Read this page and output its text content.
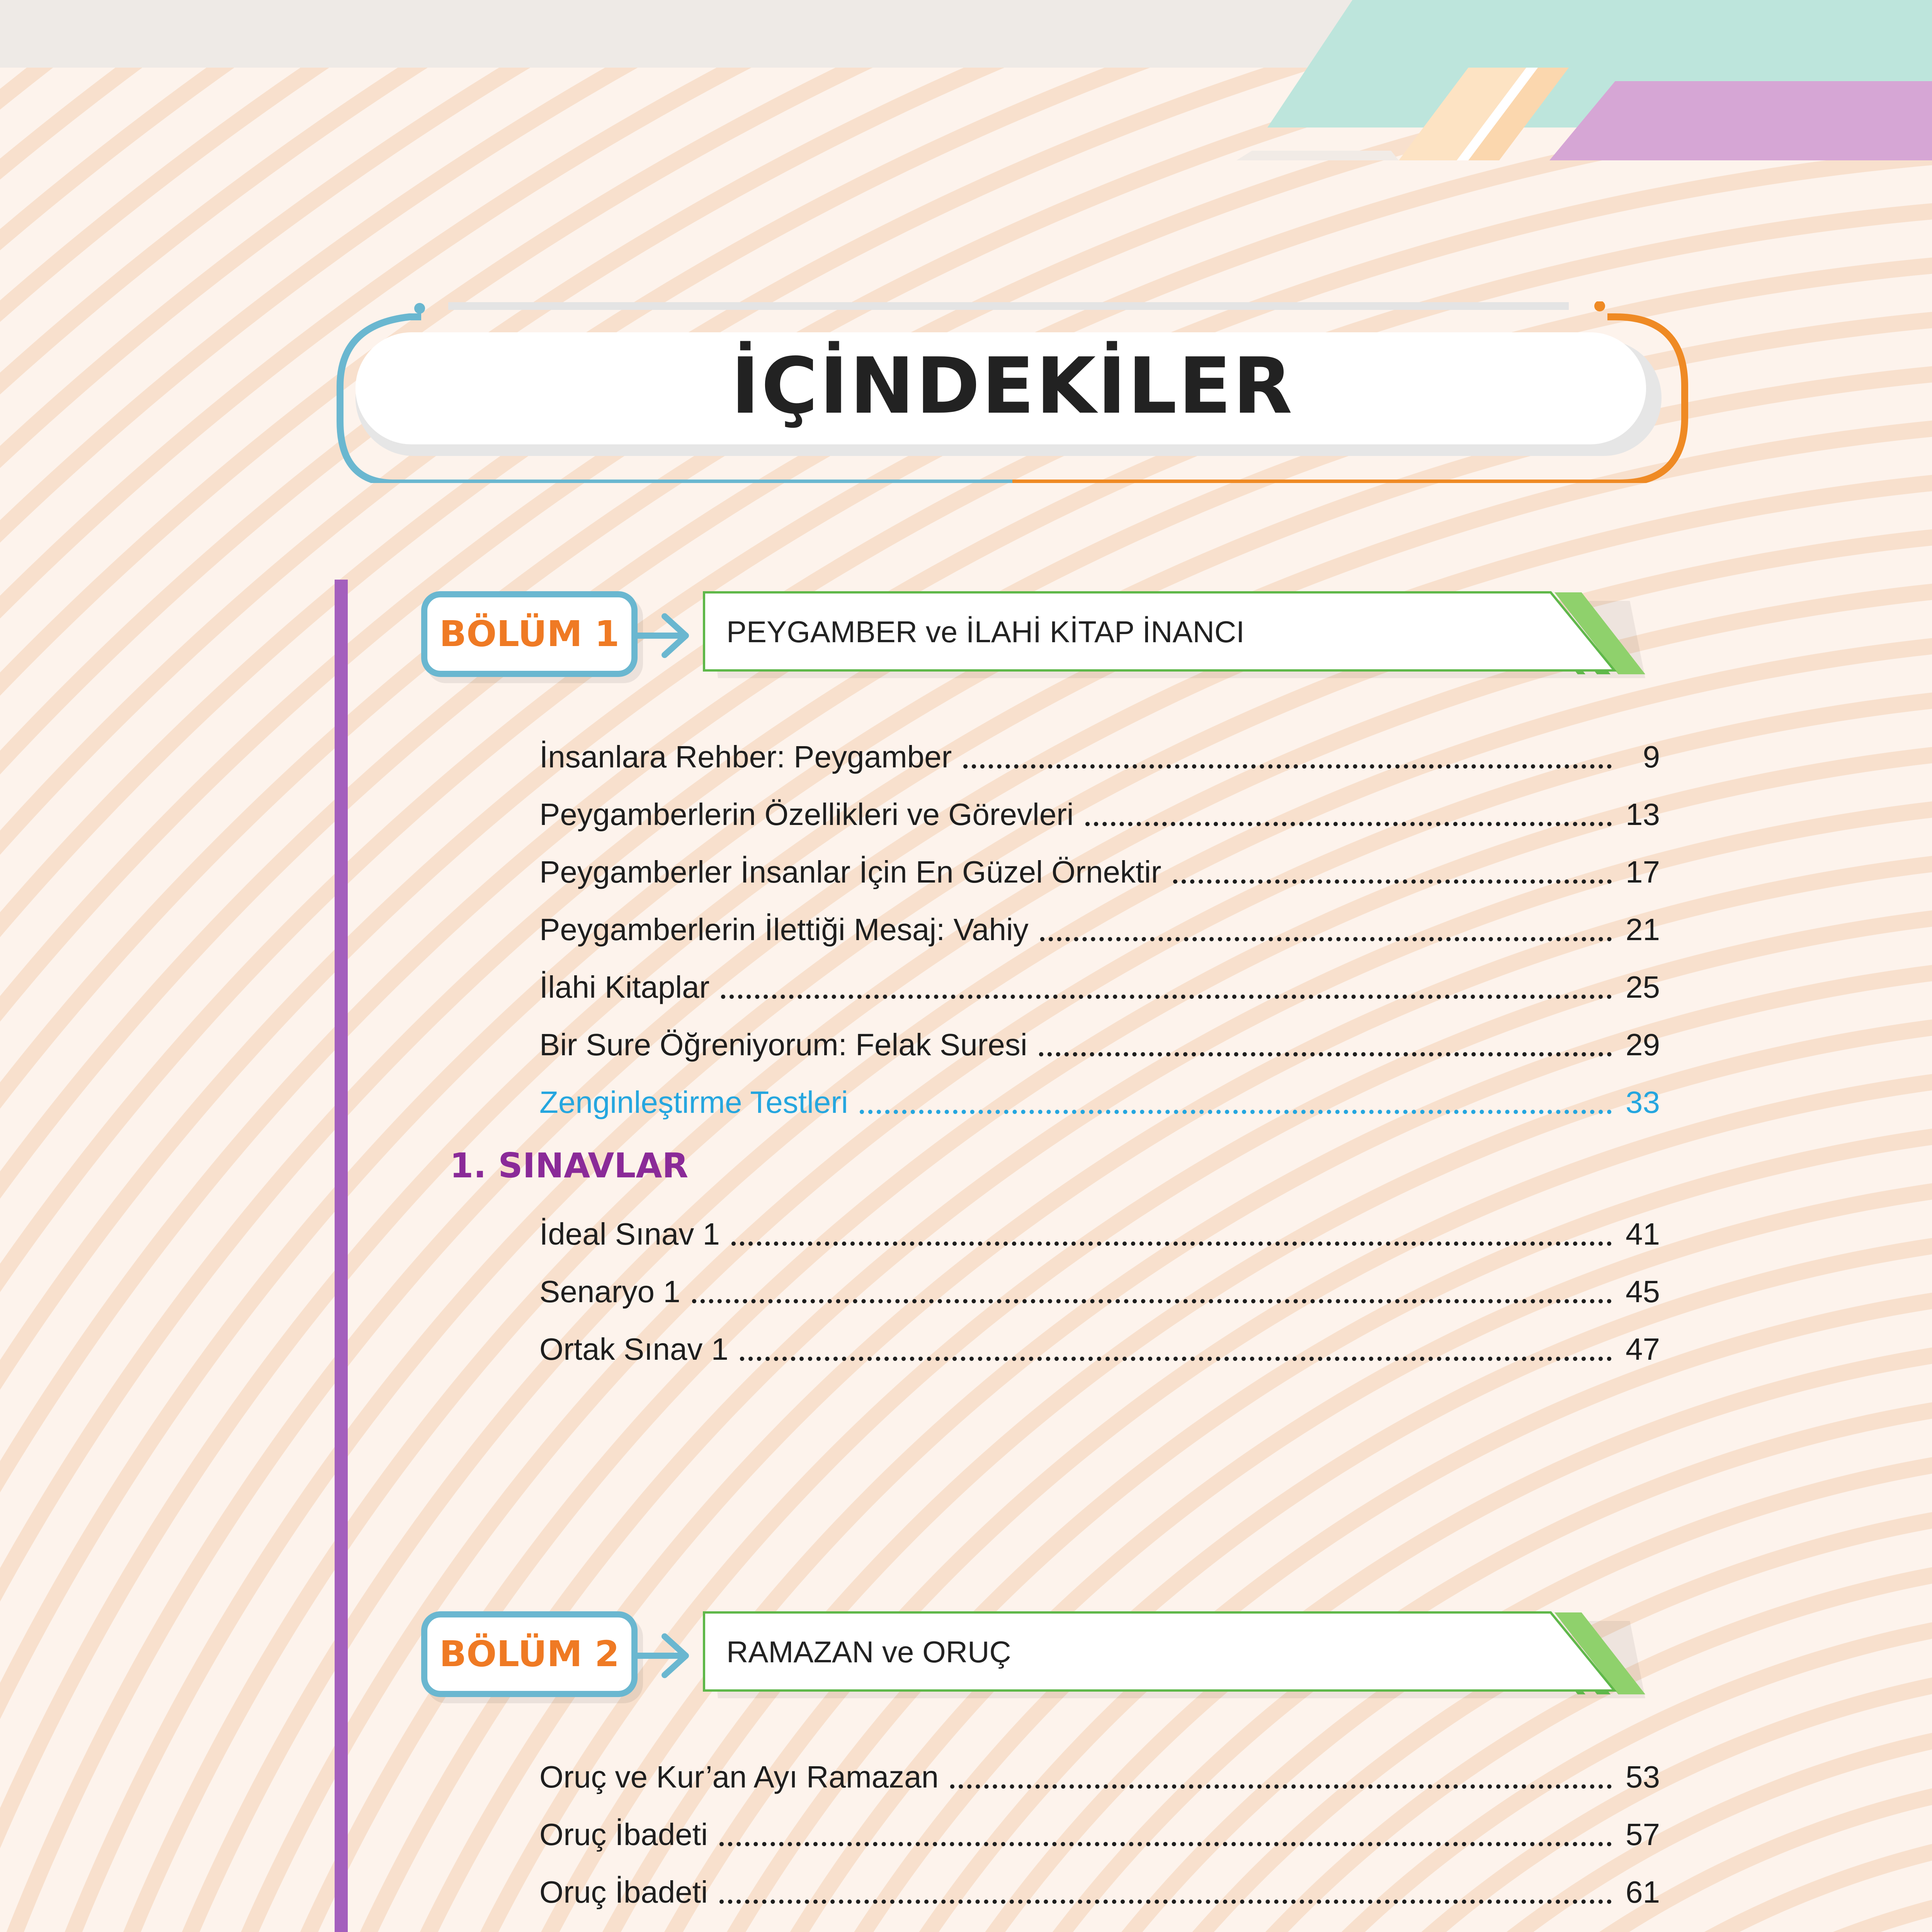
İÇİNDEKİLER
BÖLÜM 1	PEYGAMBER ve İLAHİ KİTAP İNANCI
İnsanlara Rehber: Peygamber	9
Peygamberlerin Özellikleri ve Görevleri	13
Peygamberler İnsanlar İçin En Güzel Örnektir	17
Peygamberlerin İlettiği Mesaj: Vahiy	21
İlahi Kitaplar	25
Bir Sure Öğreniyorum: Felak Suresi	29
Zenginleştirme Testleri	33
1. SINAVLAR
İdeal Sınav 1	41
Senaryo 1	45
Ortak Sınav 1	47
BÖLÜM 2	RAMAZAN ve ORUÇ
Oruç ve Kur’an Ayı Ramazan	53
Oruç İbadeti	57
Oruç İbadeti	61
